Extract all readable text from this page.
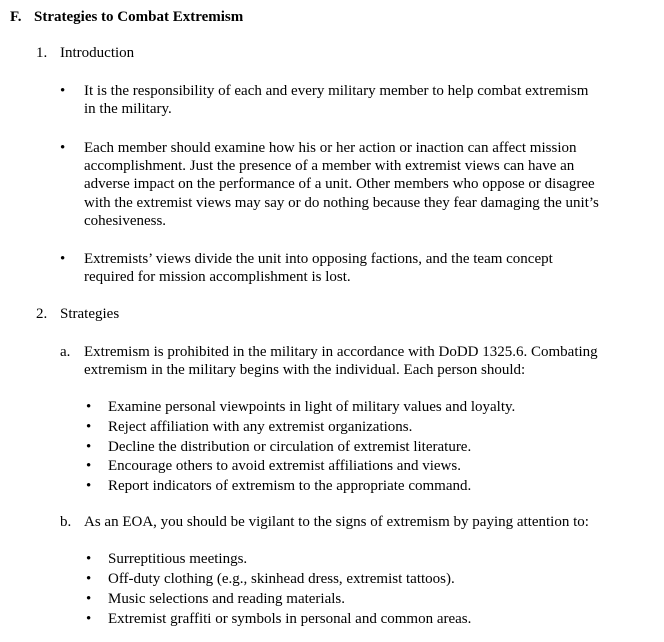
F. Strategies to Combat Extremism
1. Introduction
• It is the responsibility of each and every military member to help combat extremism
in the military.
• Each member should examine how his or her action or inaction can affect mission
accomplishment. Just the presence of a member with extremist views can have an
adverse impact on the performance of a unit. Other members who oppose or disagree
with the extremist views may say or do nothing because they fear damaging the unit’s
cohesiveness.
• Extremists’ views divide the unit into opposing factions, and the team concept
required for mission accomplishment is lost.
2. Strategies
a. Extremism is prohibited in the military in accordance with DoDD 1325.6. Combating
extremism in the military begins with the individual. Each person should:
• Examine personal viewpoints in light of military values and loyalty.
• Reject affiliation with any extremist organizations.
• Decline the distribution or circulation of extremist literature.
• Encourage others to avoid extremist affiliations and views.
• Report indicators of extremism to the appropriate command.
b. As an EOA, you should be vigilant to the signs of extremism by paying attention to:
• Surreptitious meetings.
• Off-duty clothing (e.g., skinhead dress, extremist tattoos).
• Music selections and reading materials.
• Extremist graffiti or symbols in personal and common areas.
